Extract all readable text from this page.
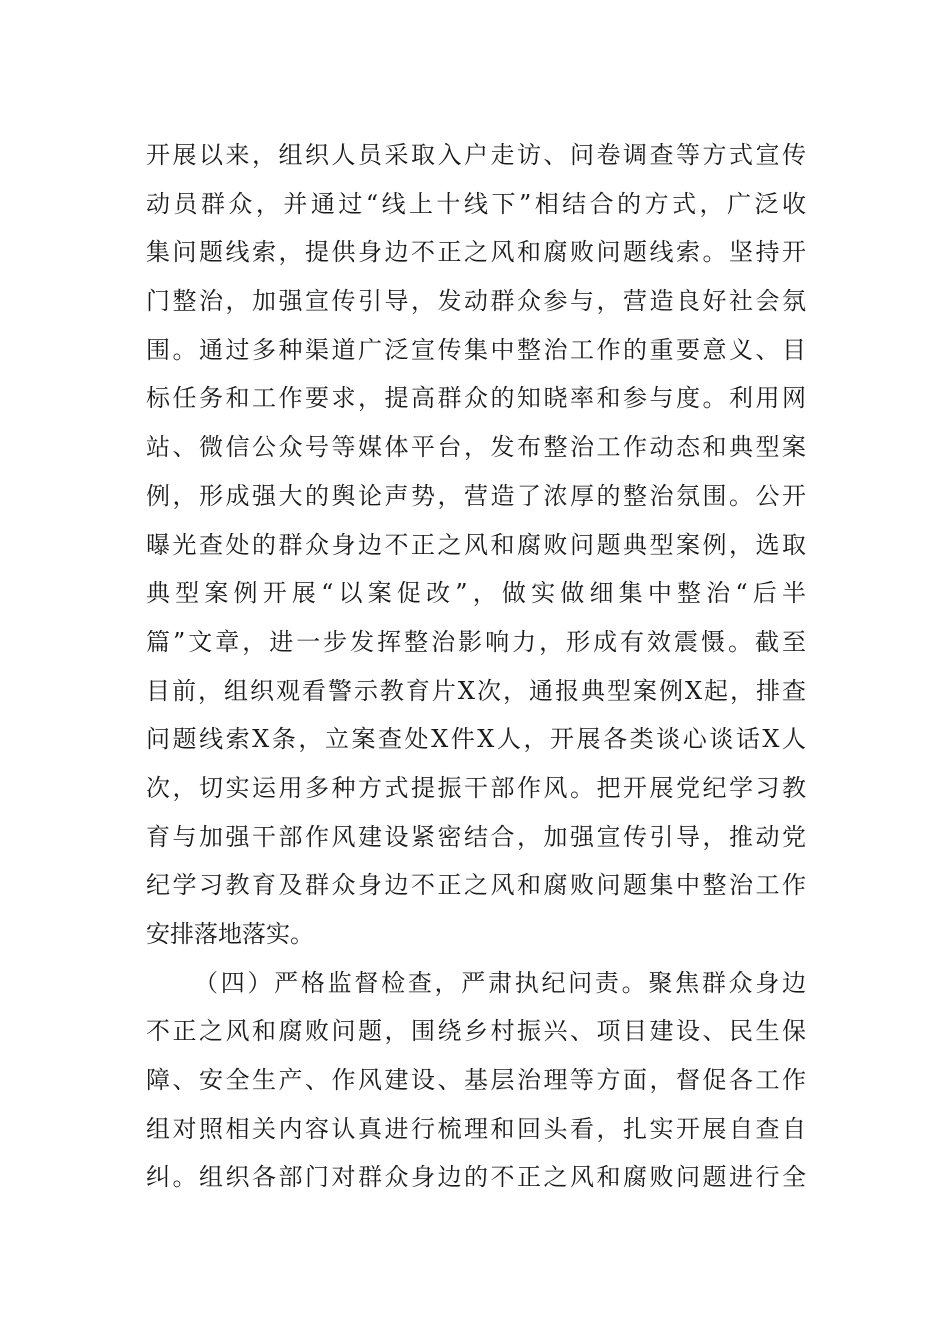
开展以来，组织人员采取入户走访、问卷调查等方式宣传
动员群众，并通过“线上十线下”相结合的方式，广泛收
集问题线索，提供身边不正之风和腐败问题线索。坚持开
门整治，加强宣传引导，发动群众参与，营造良好社会氛
围。通过多种渠道广泛宣传集中整治工作的重要意义、目
标任务和工作要求，提高群众的知晓率和参与度。利用网
站、微信公众号等媒体平台，发布整治工作动态和典型案
例，形成强大的舆论声势，营造了浓厚的整治氛围。公开
曝光查处的群众身边不正之风和腐败问题典型案例，选取
典型案例开展“以案促改”，做实做细集中整治“后半
篇”文章，进一步发挥整治影响力，形成有效震慑。截至
目前，组织观看警示教育片X次，通报典型案例X起，排查
问题线索X条，立案查处X件X人，开展各类谈心谈话X人
次，切实运用多种方式提振干部作风。把开展党纪学习教
育与加强干部作风建设紧密结合，加强宣传引导，推动党
纪学习教育及群众身边不正之风和腐败问题集中整治工作
安排落地落实。
（四）严格监督检查，严肃执纪问责。聚焦群众身边
不正之风和腐败问题，围绕乡村振兴、项目建设、民生保
障、安全生产、作风建设、基层治理等方面，督促各工作
组对照相关内容认真进行梳理和回头看，扎实开展自查自
纠。组织各部门对群众身边的不正之风和腐败问题进行全
